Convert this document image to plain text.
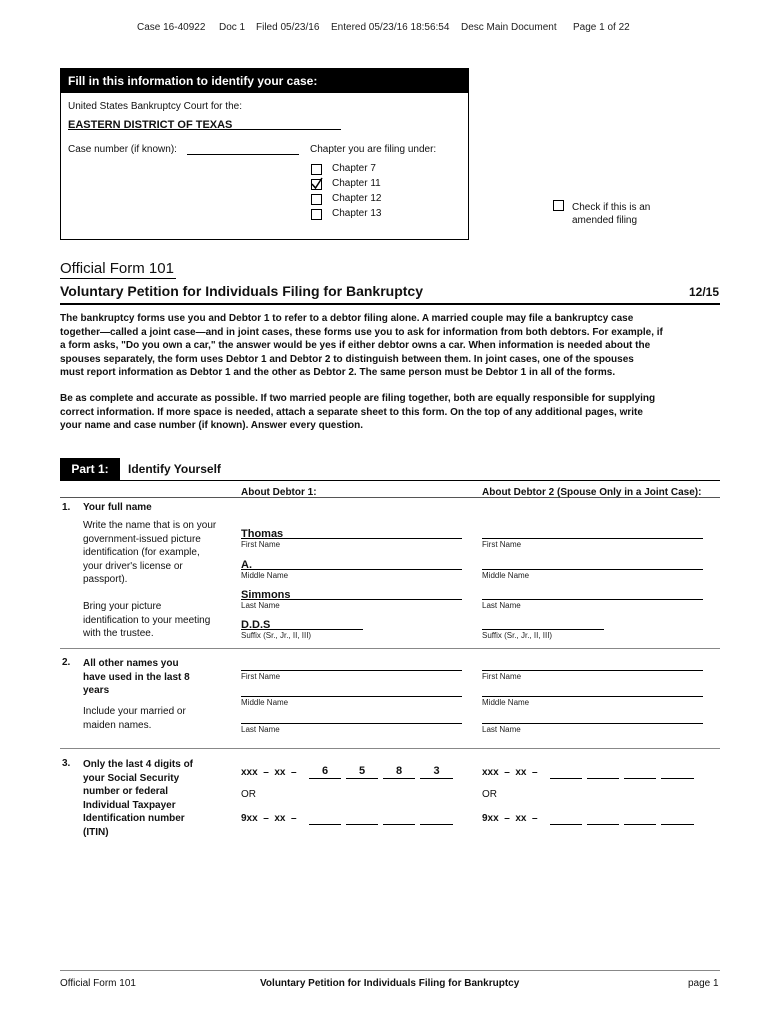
Case 16-40922 Doc 1 Filed 05/23/16 Entered 05/23/16 18:56:54 Desc Main Document Page 1 of 22
Fill in this information to identify your case:
United States Bankruptcy Court for the:
EASTERN DISTRICT OF TEXAS
Case number (if known):	Chapter you are filing under:
Chapter 7
Chapter 11
Chapter 12
Chapter 13
Check if this is an
amended filing
Official Form 101
Voluntary Petition for Individuals Filing for Bankruptcy	12/15
The bankruptcy forms use you and Debtor 1 to refer to a debtor filing alone. A married couple may file a bankruptcy case
together—called a joint case—and in joint cases, these forms use you to ask for information from both debtors. For example, if
a form asks, "Do you own a car," the answer would be yes if either debtor owns a car. When information is needed about the
spouses separately, the form uses Debtor 1 and Debtor 2 to distinguish between them. In joint cases, one of the spouses
must report information as Debtor 1 and the other as Debtor 2. The same person must be Debtor 1 in all of the forms.
Be as complete and accurate as possible. If two married people are filing together, both are equally responsible for supplying
correct information. If more space is needed, attach a separate sheet to this form. On the top of any additional pages, write
your name and case number (if known). Answer every question.
Part 1:	Identify Yourself
About Debtor 1:	About Debtor 2 (Spouse Only in a Joint Case):
1. Your full name
Write the name that is on your
government-issued picture
identification (for example,
your driver's license or
passport).
Bring your picture
identification to your meeting
with the trustee.
Thomas
First Name
A.
Middle Name
Simmons
Last Name
D.D.S
Suffix (Sr., Jr., II, III)
First Name
Middle Name
Last Name
Suffix (Sr., Jr., II, III)
2. All other names you
have used in the last 8
years
Include your married or
maiden names.
First Name
Middle Name
Last Name
First Name
Middle Name
Last Name
3. Only the last 4 digits of
your Social Security
number or federal
Individual Taxpayer
Identification number
(ITIN)
xxx  –  xx  –	6	5	8	3
OR
9xx  –  xx  –
xxx  –  xx  –
OR
9xx  –  xx  –
Official Form 101	Voluntary Petition for Individuals Filing for Bankruptcy	page 1
